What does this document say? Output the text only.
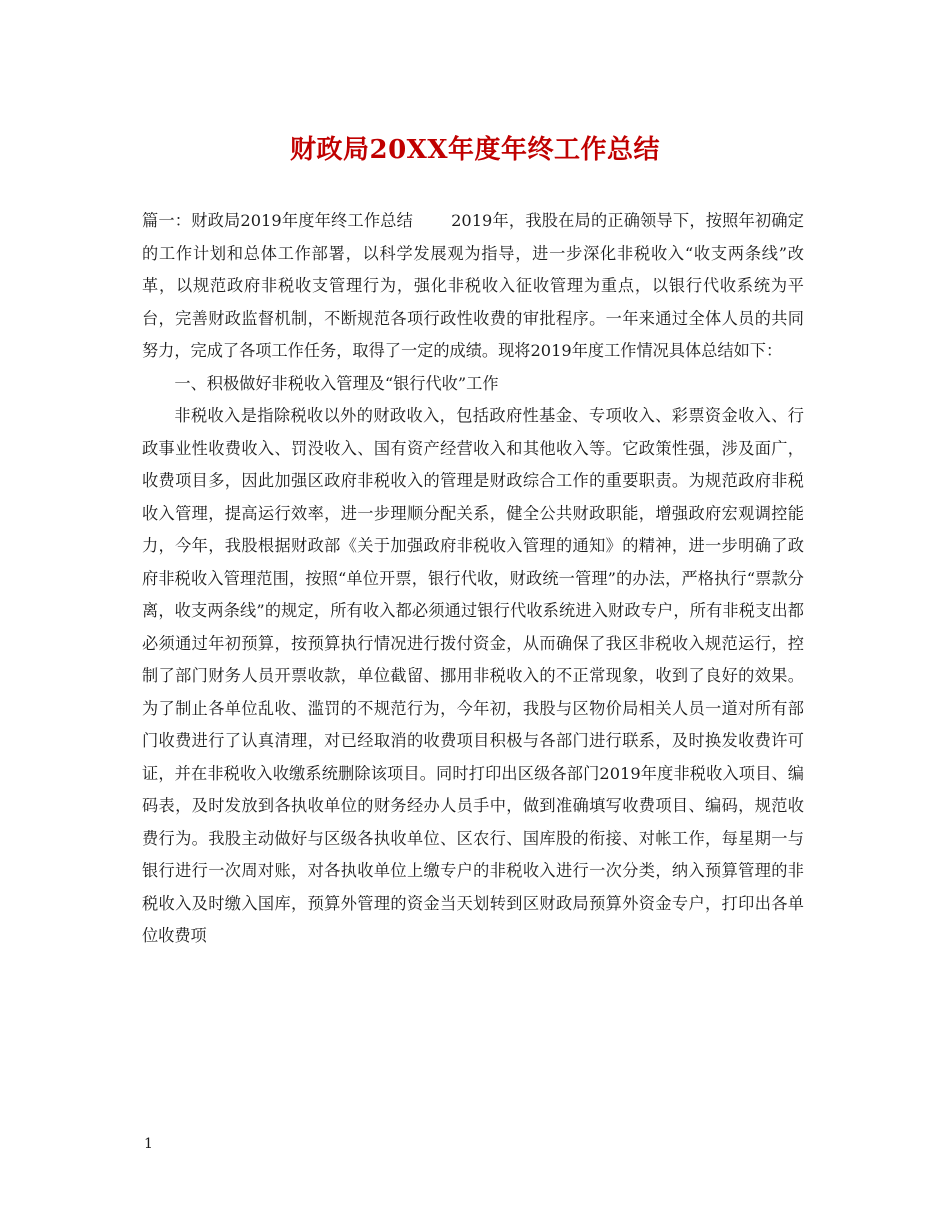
财政局20XX年度年终工作总结

篇一：财政局2019年度年终工作总结 2019年，我股在局的正确领导下，按照年初确定的工作计划和总体工作部署，以科学发展观为指导，进一步深化非税收入“收支两条线”改革，以规范政府非税收支管理行为，强化非税收入征收管理为重点，以银行代收系统为平台，完善财政监督机制，不断规范各项行政性收费的审批程序。一年来通过全体人员的共同努力，完成了各项工作任务，取得了一定的成绩。现将2019年度工作情况具体总结如下：

一、积极做好非税收入管理及“银行代收”工作

非税收入是指除税收以外的财政收入，包括政府性基金、专项收入、彩票资金收入、行政事业性收费收入、罚没收入、国有资产经营收入和其他收入等。它政策性强，涉及面广，收费项目多，因此加强区政府非税收入的管理是财政综合工作的重要职责。为规范政府非税收入管理，提高运行效率，进一步理顺分配关系，健全公共财政职能，增强政府宏观调控能力，今年，我股根据财政部《关于加强政府非税收入管理的通知》的精神，进一步明确了政府非税收入管理范围，按照“单位开票，银行代收，财政统一管理”的办法，严格执行“票款分离，收支两条线”的规定，所有收入都必须通过银行代收系统进入财政专户，所有非税支出都必须通过年初预算，按预算执行情况进行拨付资金，从而确保了我区非税收入规范运行，控制了部门财务人员开票收款，单位截留、挪用非税收入的不正常现象，收到了良好的效果。为了制止各单位乱收、滥罚的不规范行为，今年初，我股与区物价局相关人员一道对所有部门收费进行了认真清理，对已经取消的收费项目积极与各部门进行联系，及时换发收费许可证，并在非税收入收缴系统删除该项目。同时打印出区级各部门2019年度非税收入项目、编码表，及时发放到各执收单位的财务经办人员手中，做到准确填写收费项目、编码，规范收费行为。我股主动做好与区级各执收单位、区农行、国库股的衔接、对帐工作，每星期一与银行进行一次周对账，对各执收单位上缴专户的非税收入进行一次分类，纳入预算管理的非税收入及时缴入国库，预算外管理的资金当天划转到区财政局预算外资金专户，打印出各单位收费项

1
